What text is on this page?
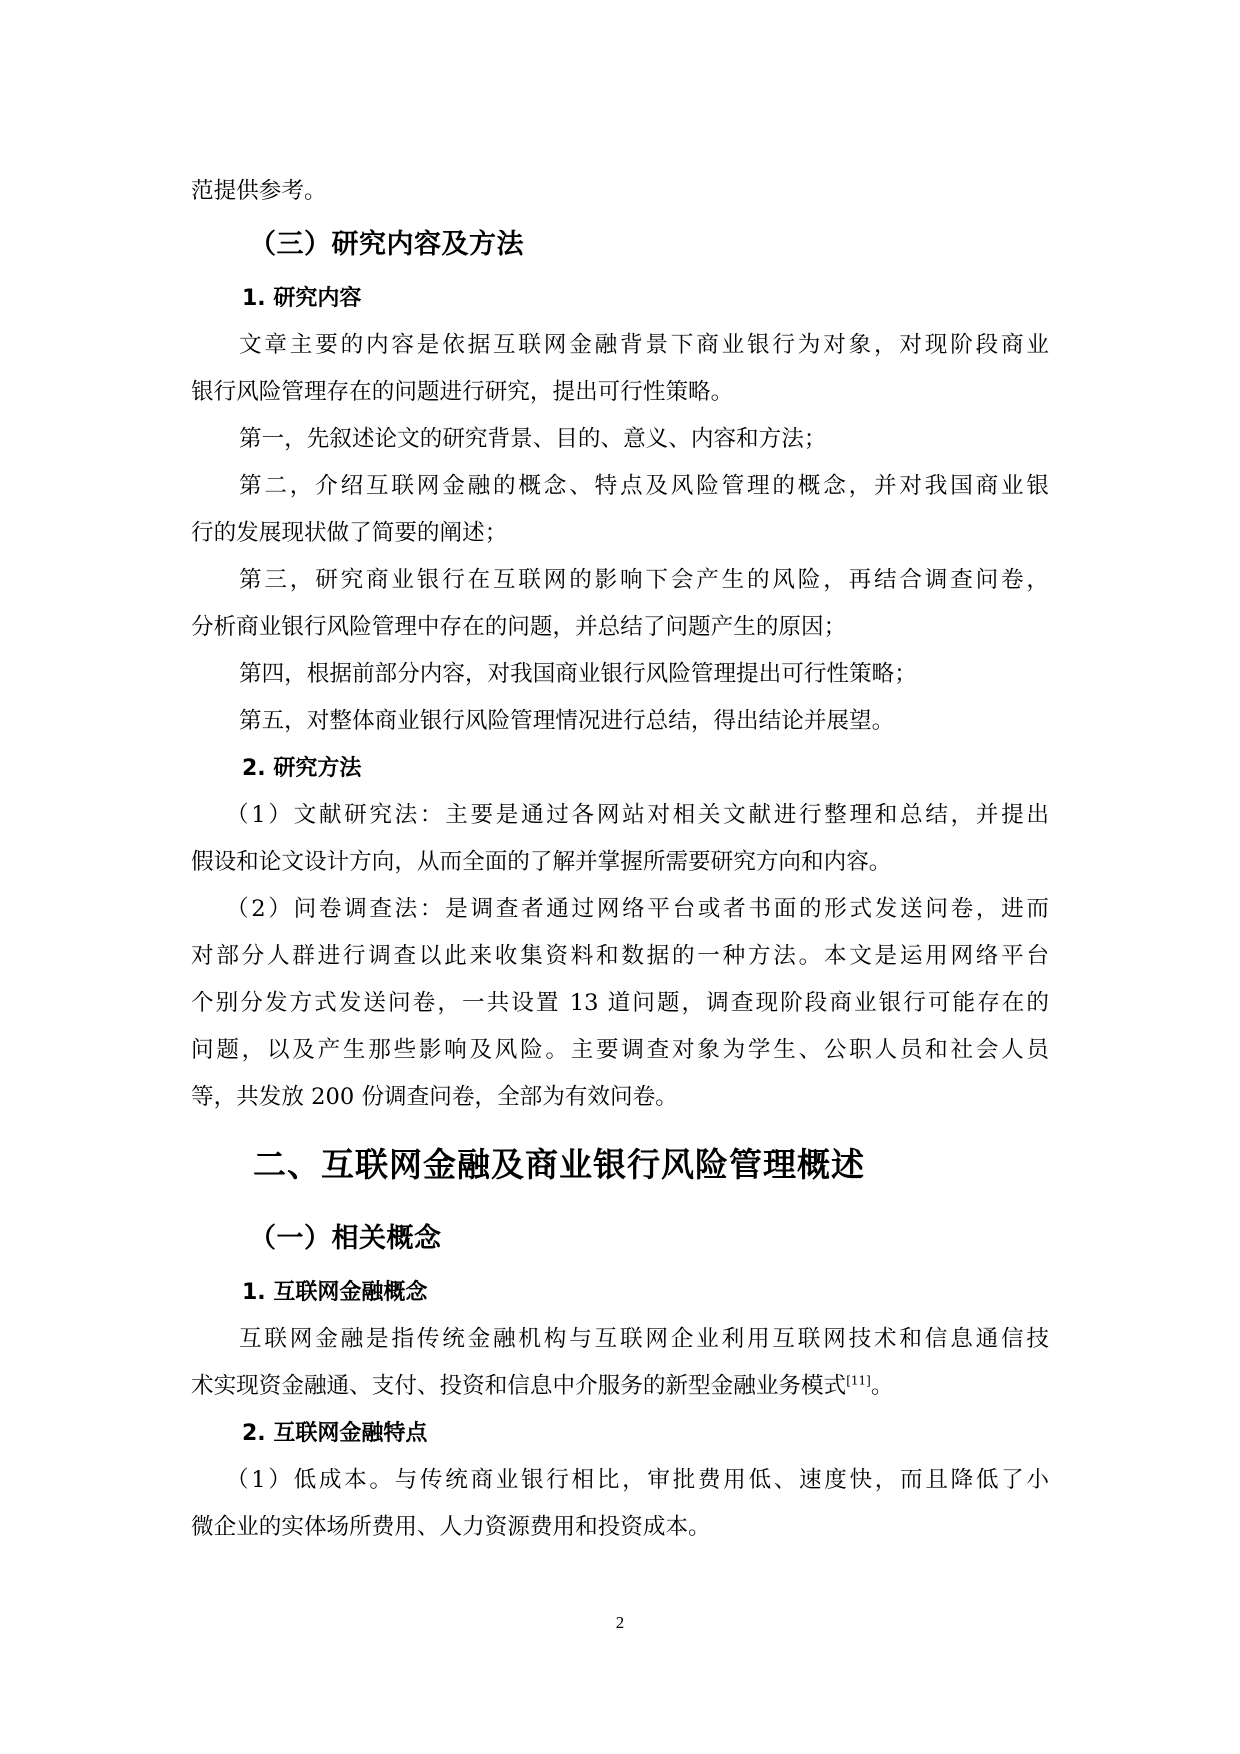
范提供参考。

（三）研究内容及方法
1. 研究内容

文章主要的内容是依据互联网金融背景下商业银行为对象，对现阶段商业

银行风险管理存在的问题进行研究，提出可行性策略。

第一，先叙述论文的研究背景、目的、意义、内容和方法；

第二，介绍互联网金融的概念、特点及风险管理的概念，并对我国商业银

行的发展现状做了简要的阐述；

第三，研究商业银行在互联网的影响下会产生的风险，再结合调查问卷，

分析商业银行风险管理中存在的问题，并总结了问题产生的原因；

第四，根据前部分内容，对我国商业银行风险管理提出可行性策略；

第五，对整体商业银行风险管理情况进行总结，得出结论并展望。

2. 研究方法

（1）文献研究法：主要是通过各网站对相关文献进行整理和总结，并提出

假设和论文设计方向，从而全面的了解并掌握所需要研究方向和内容。

（2）问卷调查法：是调查者通过网络平台或者书面的形式发送问卷，进而

对部分人群进行调查以此来收集资料和数据的一种方法。本文是运用网络平台

个别分发方式发送问卷，一共设置 13 道问题，调查现阶段商业银行可能存在的

问题，以及产生那些影响及风险。主要调查对象为学生、公职人员和社会人员

等，共发放 200 份调查问卷，全部为有效问卷。

二、互联网金融及商业银行风险管理概述
（一）相关概念
1. 互联网金融概念

互联网金融是指传统金融机构与互联网企业利用互联网技术和信息通信技

术实现资金融通、支付、投资和信息中介服务的新型金融业务模式[11]。

2. 互联网金融特点

（1）低成本。与传统商业银行相比，审批费用低、速度快，而且降低了小

微企业的实体场所费用、人力资源费用和投资成本。

2
